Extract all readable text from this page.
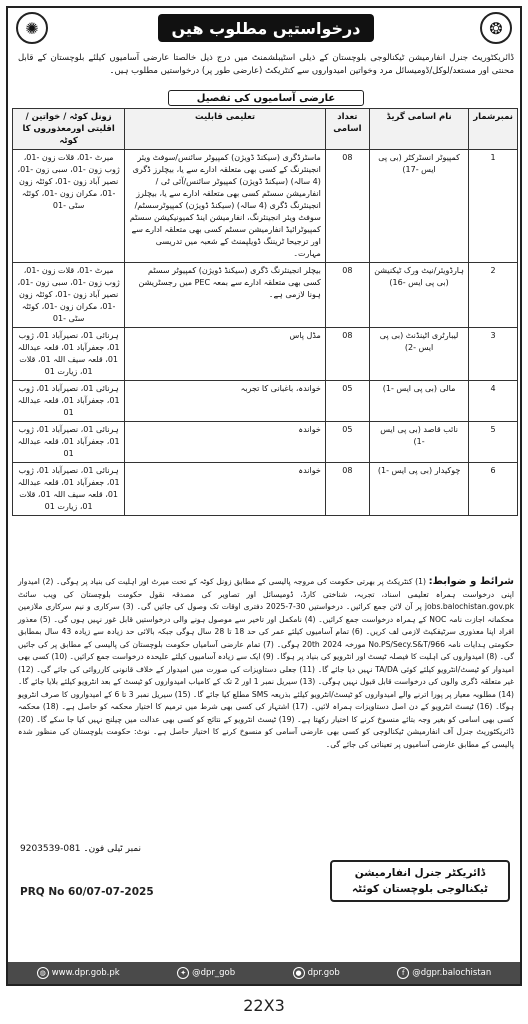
✺	درخواستیں مطلوب ھیں	❂
ڈائریکٹوریٹ جنرل انفارمیشن ٹیکنالوجی بلوچستان کے ذیلی اسٹیبلشمنٹ میں درج ذیل خالصتا عارضی آسامیوں کیلئے بلوچستان کے قابل محنتی اور مستعد/لوکل/ڈومیسائل مرد وخواتین امیدواروں سے کنٹریکٹ (عارضی طور پر) درخواستیں مطلوب ہیں۔
عارضی آسامیوں کی تفصیل
نمبرشمار	نام اسامی گریڈ	تعداد اسامی	تعلیمی قابلیت	زونل کوٹہ / خواتین /اقلیتی اورمعذوروں کا کوٹہ
1	کمپیوٹر انسٹرکٹر (بی پی ایس -17)	08	ماسٹرڈگری (سیکنڈ ڈویژن) کمپیوٹر سائنس/سوفٹ ویئر انجینئرنگ کے کسی بھی متعلقہ ادارے سے یا، بیچلرز ڈگری (4 سالہ) (سیکنڈ ڈویژن) کمپیوٹر سائنس/آئی ٹی /انفارمیشن سسٹم کسی بھی متعلقہ ادارے سے یا، بیچلرز انجینئرنگ ڈگری (4 سالہ) (سیکنڈ ڈویژن) کمپیوٹرسسٹم/ سوفٹ ویئر انجینئرنگ، انفارمیشن اینڈ کمیونیکیشن سسٹم کمپیوٹرائیڈ انفارمیشن سسٹم کسی بھی متعلقہ ادارے سے اور ترجیحا ٹریننگ ڈویلپمنٹ کے شعبہ میں تدریسی مہارت۔	میرٹ -01، قلات زون -01، ژوب زون -01، سبی زون -01، نصیر آباد زون -01، کوئٹہ زون -01، مکران زون -01، کوئٹہ سٹی -01
2	ہارڈویئر/نیٹ ورک ٹیکنیشن (بی پی ایس -16)	08	بیچلر انجینئرنگ ڈگری (سیکنڈ ڈویژن) کمپیوٹر سسٹم کسی بھی متعلقہ ادارے سے بمعہ PEC میں رجسٹریشن ہونا لازمی ہے۔	میرٹ -01، قلات زون -01، ژوب زون -01، سبی زون -01، نصیر آباد زون -01، کوئٹہ زون -01، مکران زون -01، کوئٹہ سٹی -01
3	لیبارٹری اٹینڈنٹ (بی پی ایس -2)	08	مڈل پاس	ہرنائی 01، نصیرآباد 01، ژوب 01، جعفرآباد 01، قلعہ عبداللہ 01، قلعہ سیف اللہ 01، قلات 01، زیارت 01
4	مالی (بی پی ایس -1)	05	خواندہ، باغبانی کا تجربہ	ہرنائی 01، نصیرآباد 01، ژوب 01، جعفرآباد 01، قلعہ عبداللہ 01
5	نائب قاصد (بی پی ایس -1)	05	خواندہ	ہرنائی 01، نصیرآباد 01، ژوب 01، جعفرآباد 01، قلعہ عبداللہ 01
6	چوکیدار (بی پی ایس -1)	08	خواندہ	ہرنائی 01، نصیرآباد 01، ژوب 01، جعفرآباد 01، قلعہ عبداللہ 01، قلعہ سیف اللہ 01، قلات 01، زیارت 01
شرائط و ضوابط: (1) کنٹریکٹ پر بھرتی حکومت کی مروجہ پالیسی کے مطابق زونل کوٹہ کے تحت میرٹ اور اہلیت کی بنیاد پر ہوگی۔ (2) امیدوار اپنی درخواست ہمراہ تعلیمی اسناد، تجربہ، شناختی کارڈ، ڈومیسائل اور تصاویر کی مصدقہ نقول حکومت بلوچستان کی ویب سائٹ jobs.balochistan.gov.pk پر آن لائن جمع کرائیں۔ درخواستیں 30-7-2025 دفتری اوقات تک وصول کی جائیں گی۔ (3) سرکاری و نیم سرکاری ملازمین محکمانہ اجازت نامہ NOC کے ہمراہ درخواست جمع کرائیں۔ (4) نامکمل اور تاخیر سے موصول ہونے والی درخواستیں قابل غور نہیں ہوں گی۔ (5) معذور افراد اپنا معذوری سرٹیفکیٹ لازمی لف کریں۔ (6) تمام آسامیوں کیلئے عمر کی حد 18 تا 28 سال ہوگی جبکہ بالائی حد زیادہ سے زیادہ 43 سال بمطابق حکومتی ہدایات نامہ No.PS/Secy.S&T/966 مورخہ 20th 2024 ہوگی۔ (7) تمام عارضی آسامیاں حکومت بلوچستان کی پالیسی کے مطابق پر کی جائیں گی۔ (8) امیدواروں کی اہلیت کا فیصلہ ٹیسٹ اور انٹرویو کی بنیاد پر ہوگا۔ (9) ایک سے زیادہ آسامیوں کیلئے علیحدہ درخواست جمع کرائیں۔ (10) کسی بھی امیدوار کو ٹیسٹ/انٹرویو کیلئے کوئی TA/DA نہیں دیا جائے گا۔ (11) جعلی دستاویزات کی صورت میں امیدوار کے خلاف قانونی کارروائی کی جائے گی۔ (12) غیر متعلقہ ڈگری والوں کی درخواست قابل قبول نہیں ہوگی۔ (13) سیریل نمبر 1 اور 2 تک کے کامیاب امیدواروں کو ٹیسٹ کے بعد انٹرویو کیلئے بلایا جائے گا۔ (14) مطلوبہ معیار پر پورا اترنے والے امیدواروں کو ٹیسٹ/انٹرویو کیلئے بذریعہ SMS مطلع کیا جائے گا۔ (15) سیریل نمبر 3 تا 6 کے امیدواروں کا صرف انٹرویو ہوگا۔ (16) ٹیسٹ انٹرویو کے دن اصل دستاویزات ہمراہ لائیں۔ (17) اشتہار کی کسی بھی شرط میں ترمیم کا اختیار محکمہ کو حاصل ہے۔ (18) محکمہ کسی بھی اسامی کو بغیر وجہ بتائے منسوخ کرنے کا اختیار رکھتا ہے۔ (19) ٹیسٹ انٹرویو کے نتائج کو کسی بھی عدالت میں چیلنج نہیں کیا جا سکے گا۔ (20) ڈائریکٹوریٹ جنرل آف انفارمیشن ٹیکنالوجی کو کسی بھی عارضی آسامی کو منسوخ کرنے کا اختیار حاصل ہے۔ نوٹ: حکومت بلوچستان کی منظور شدہ پالیسی کے مطابق عارضی آسامیوں پر تعیناتی کی جائے گی۔
نمبر ٹیلی فون۔ 081-9203539
ڈائریکٹر جنرل انفارمیشن
ٹیکنالوجی بلوچستان کوئٹہ
PRQ No 60/07-07-2025
◍ www.dpr.gob.pk	✦ @dpr_gob	● dpr.gob	f @dgpr.balochistan
22X3
